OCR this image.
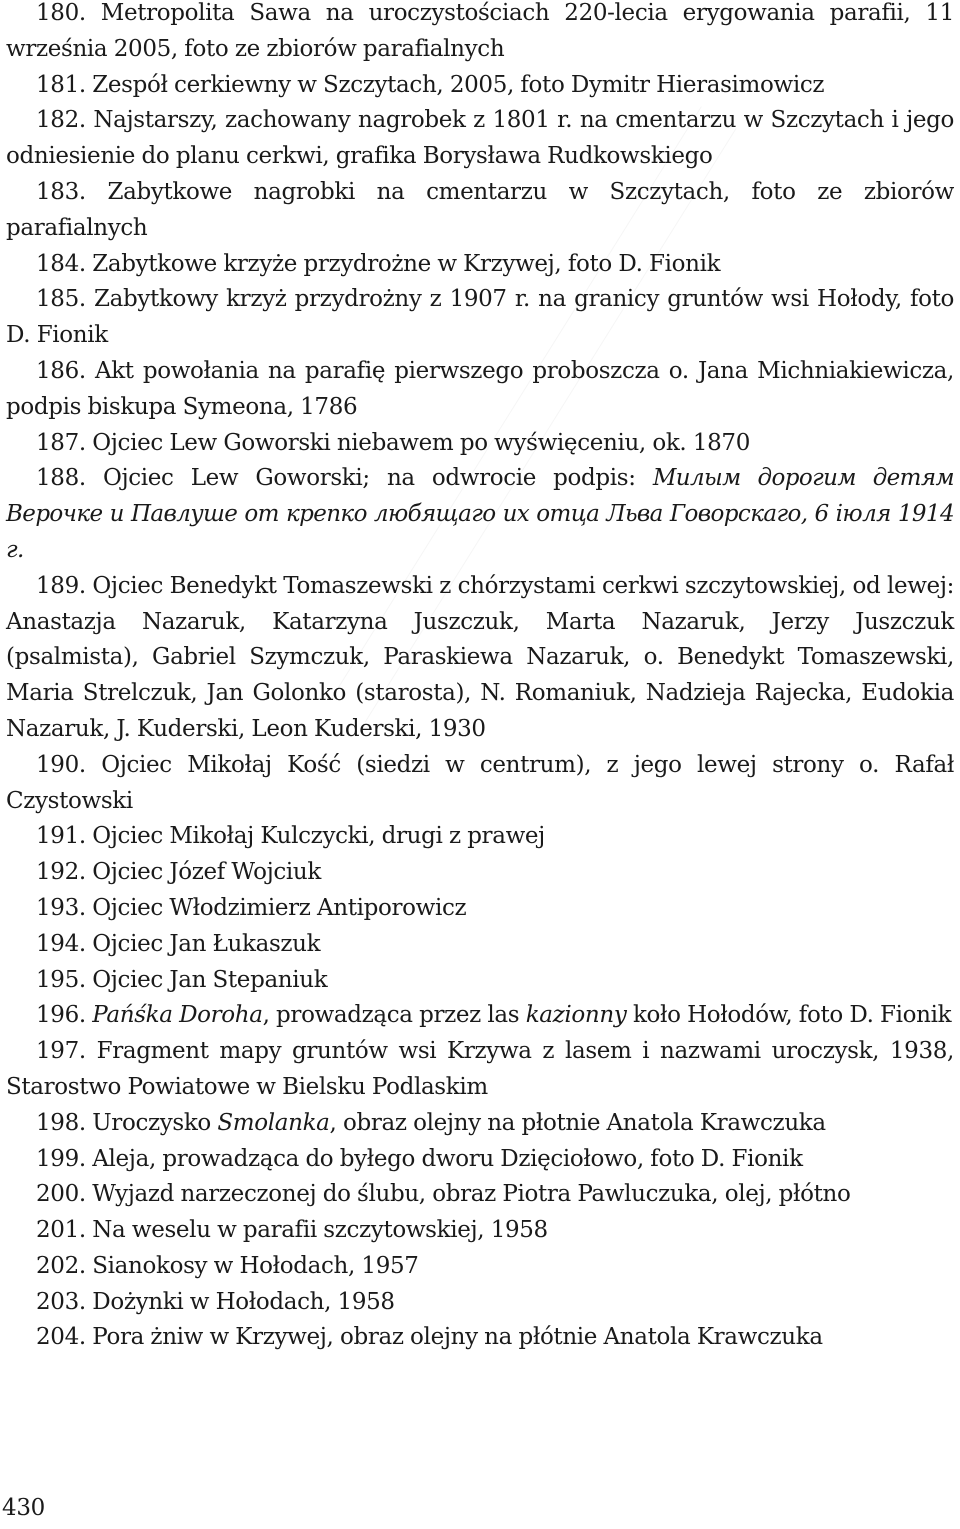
180. Metropolita Sawa na uroczystościach 220-lecia erygowania parafii, 11 września 2005, foto ze zbiorów parafialnych

181. Zespół cerkiewny w Szczytach, 2005, foto Dymitr Hierasimowicz

182. Najstarszy, zachowany nagrobek z 1801 r. na cmentarzu w Szczytach i jego odniesienie do planu cerkwi, grafika Borysława Rudkowskiego

183. Zabytkowe nagrobki na cmentarzu w Szczytach, foto ze zbiorów parafialnych

184. Zabytkowe krzyże przydrożne w Krzywej, foto D. Fionik

185. Zabytkowy krzyż przydrożny z 1907 r. na granicy gruntów wsi Hołody, foto D. Fionik

186. Akt powołania na parafię pierwszego proboszcza o. Jana Michniakiewicza, podpis biskupa Symeona, 1786

187. Ojciec Lew Goworski niebawem po wyświęceniu, ok. 1870

188. Ojciec Lew Goworski; na odwrocie podpis: Милым дорогим детям Верочке и Павлуше от крепко любящаго их отца Льва Говорскаго, 6 iюля 1914 г.

189. Ojciec Benedykt Tomaszewski z chórzystami cerkwi szczytowskiej, od lewej: Anastazja Nazaruk, Katarzyna Juszczuk, Marta Nazaruk, Jerzy Juszczuk (psalmista), Gabriel Szymczuk, Paraskiewa Nazaruk, o. Benedykt Tomaszewski, Maria Strelczuk, Jan Golonko (starosta), N. Romaniuk, Nadzieja Rajecka, Eudokia Nazaruk, J. Kuderski, Leon Kuderski, 1930

190. Ojciec Mikołaj Kość (siedzi w centrum), z jego lewej strony o. Rafał Czystowski

191. Ojciec Mikołaj Kulczycki, drugi z prawej

192. Ojciec Józef Wojciuk

193. Ojciec Włodzimierz Antiporowicz

194. Ojciec Jan Łukaszuk

195. Ojciec Jan Stepaniuk

196. Pańśka Doroha, prowadząca przez las kazionny koło Hołodów, foto D. Fionik

197. Fragment mapy gruntów wsi Krzywa z lasem i nazwami uroczysk, 1938, Starostwo Powiatowe w Bielsku Podlaskim

198. Uroczysko Smolanka, obraz olejny na płotnie Anatola Krawczuka

199. Aleja, prowadząca do byłego dworu Dzięciołowo, foto D. Fionik

200. Wyjazd narzeczonej do ślubu, obraz Piotra Pawluczuka, olej, płótno

201. Na weselu w parafii szczytowskiej, 1958

202. Sianokosy w Hołodach, 1957

203. Dożynki w Hołodach, 1958

204. Pora żniw w Krzywej, obraz olejny na płótnie Anatola Krawczuka

430
